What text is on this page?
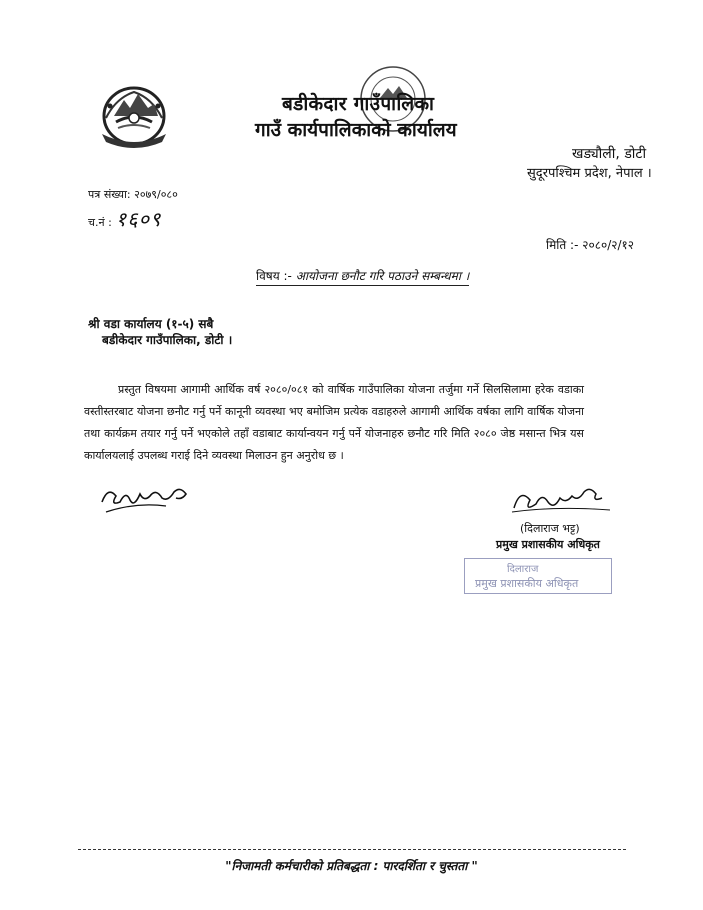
बडीकेदार गाउँपालिका
गाउँ कार्यपालिकाको कार्यालय
खड्यौली, डोटी
सुदूरपश्चिम प्रदेश, नेपाल ।
पत्र संख्या: २०७९/०८०
च.नं : १६०९
मिति :- २०८०/२/१२
विषय :- आयोजना छनौट गरि पठाउने सम्बन्धमा ।
श्री वडा कार्यालय (१-५) सबै
बडीकेदार गाउँपालिका, डोटी ।
प्रस्तुत विषयमा आगामी आर्थिक वर्ष २०८०/०८१ को वार्षिक गाउँपालिका योजना तर्जुमा गर्ने सिलसिलामा हरेक वडाका वस्तीस्तरबाट योजना छनौट गर्नु पर्ने कानूनी व्यवस्था भए बमोजिम प्रत्येक वडाहरुले आगामी आर्थिक वर्षका लागि वार्षिक योजना तथा कार्यक्रम तयार गर्नु पर्ने भएकोले तहाँ वडाबाट कार्यान्वयन गर्नु पर्ने योजनाहरु छनौट गरि मिति २०८० जेष्ठ मसान्त भित्र यस कार्यालयलाई उपलब्ध गराई दिने व्यवस्था मिलाउन हुन अनुरोध छ ।
(दिलाराज भट्ट)
प्रमुख प्रशासकीय अधिकृत
दिलाराज
प्रमुख प्रशासकीय अधिकृत
"निजामती कर्मचारीको प्रतिबद्धता : पारदर्शिता र चुस्तता "
